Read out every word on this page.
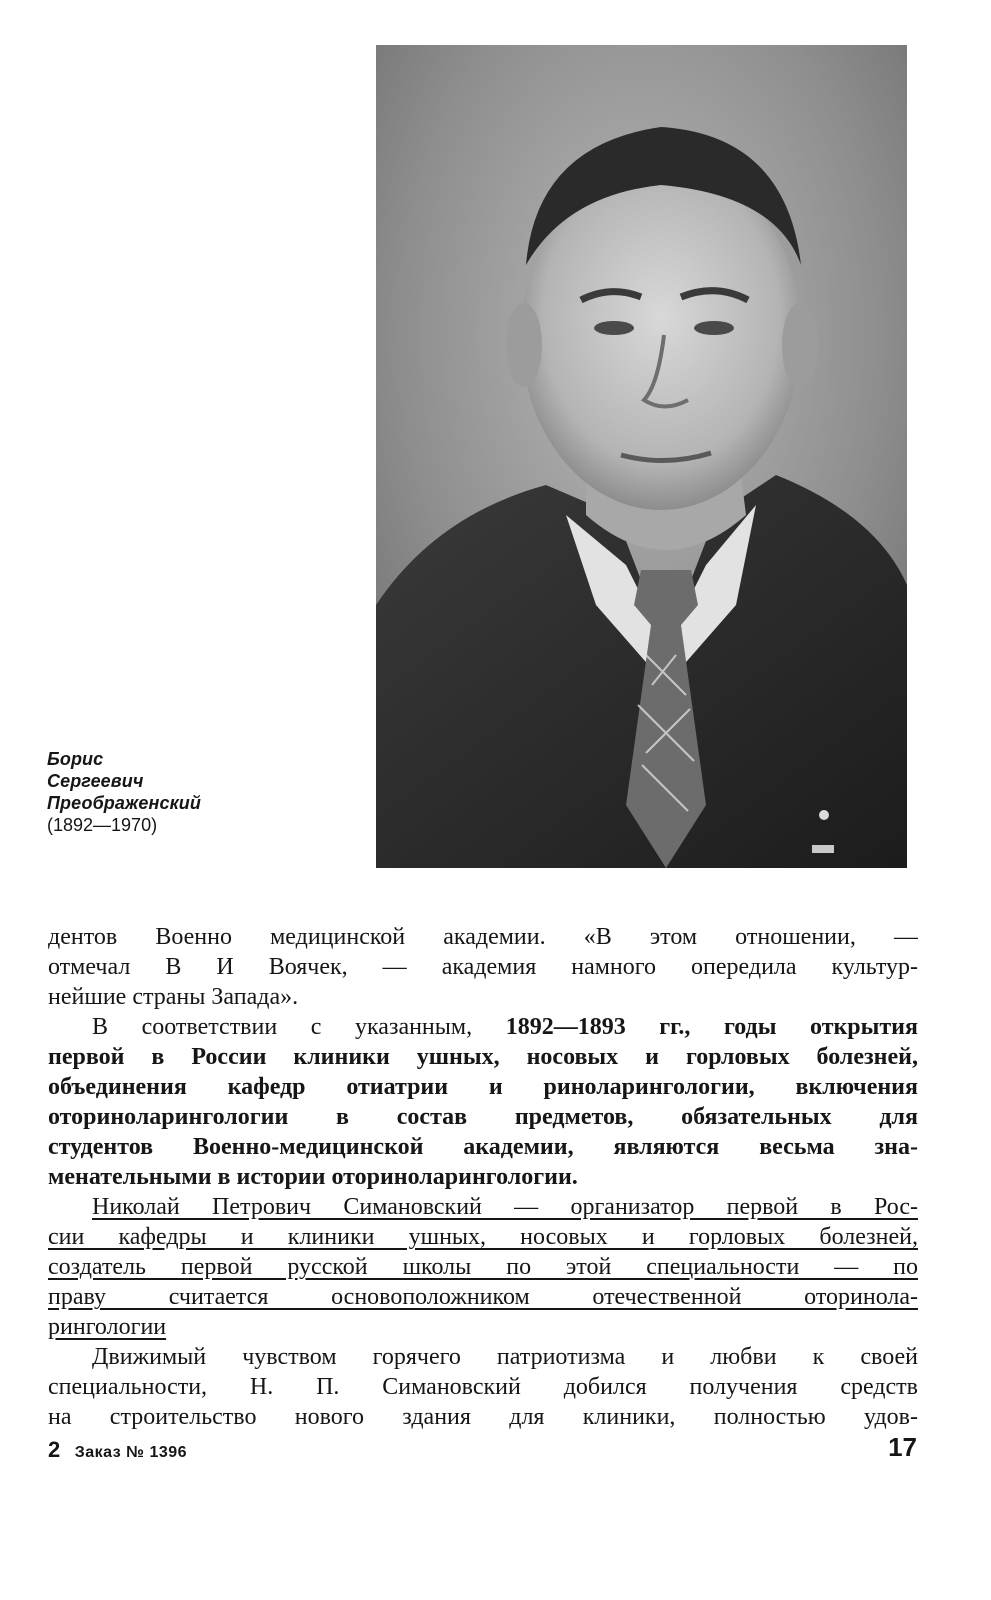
Борис
Сергеевич
Преображенский
(1892—1970)
дентов Военно медицинской академии. «В этом отношении, —
отмечал В И Воячек, — академия намного опередила культур-
нейшие страны Запада».
В соответствии с указанным, 1892—1893 гг., годы открытия
первой в России клиники ушных, носовых и горловых болезней,
объединения кафедр отиатрии и риноларингологии, включения
оториноларингологии в состав предметов, обязательных для
студентов Военно-медицинской академии, являются весьма зна-
менательными в истории оториноларингологии.
Николай Петрович Симановский — организатор первой в Рос-
сии кафедры и клиники ушных, носовых и горловых болезней,
создатель первой русской школы по этой специальности — по
праву считается основоположником отечественной оторинола-
рингологии
Движимый чувством горячего патриотизма и любви к своей
специальности, Н. П. Симановский добился получения средств
на строительство нового здания для клиники, полностью удов-
2 Заказ № 1396	17
